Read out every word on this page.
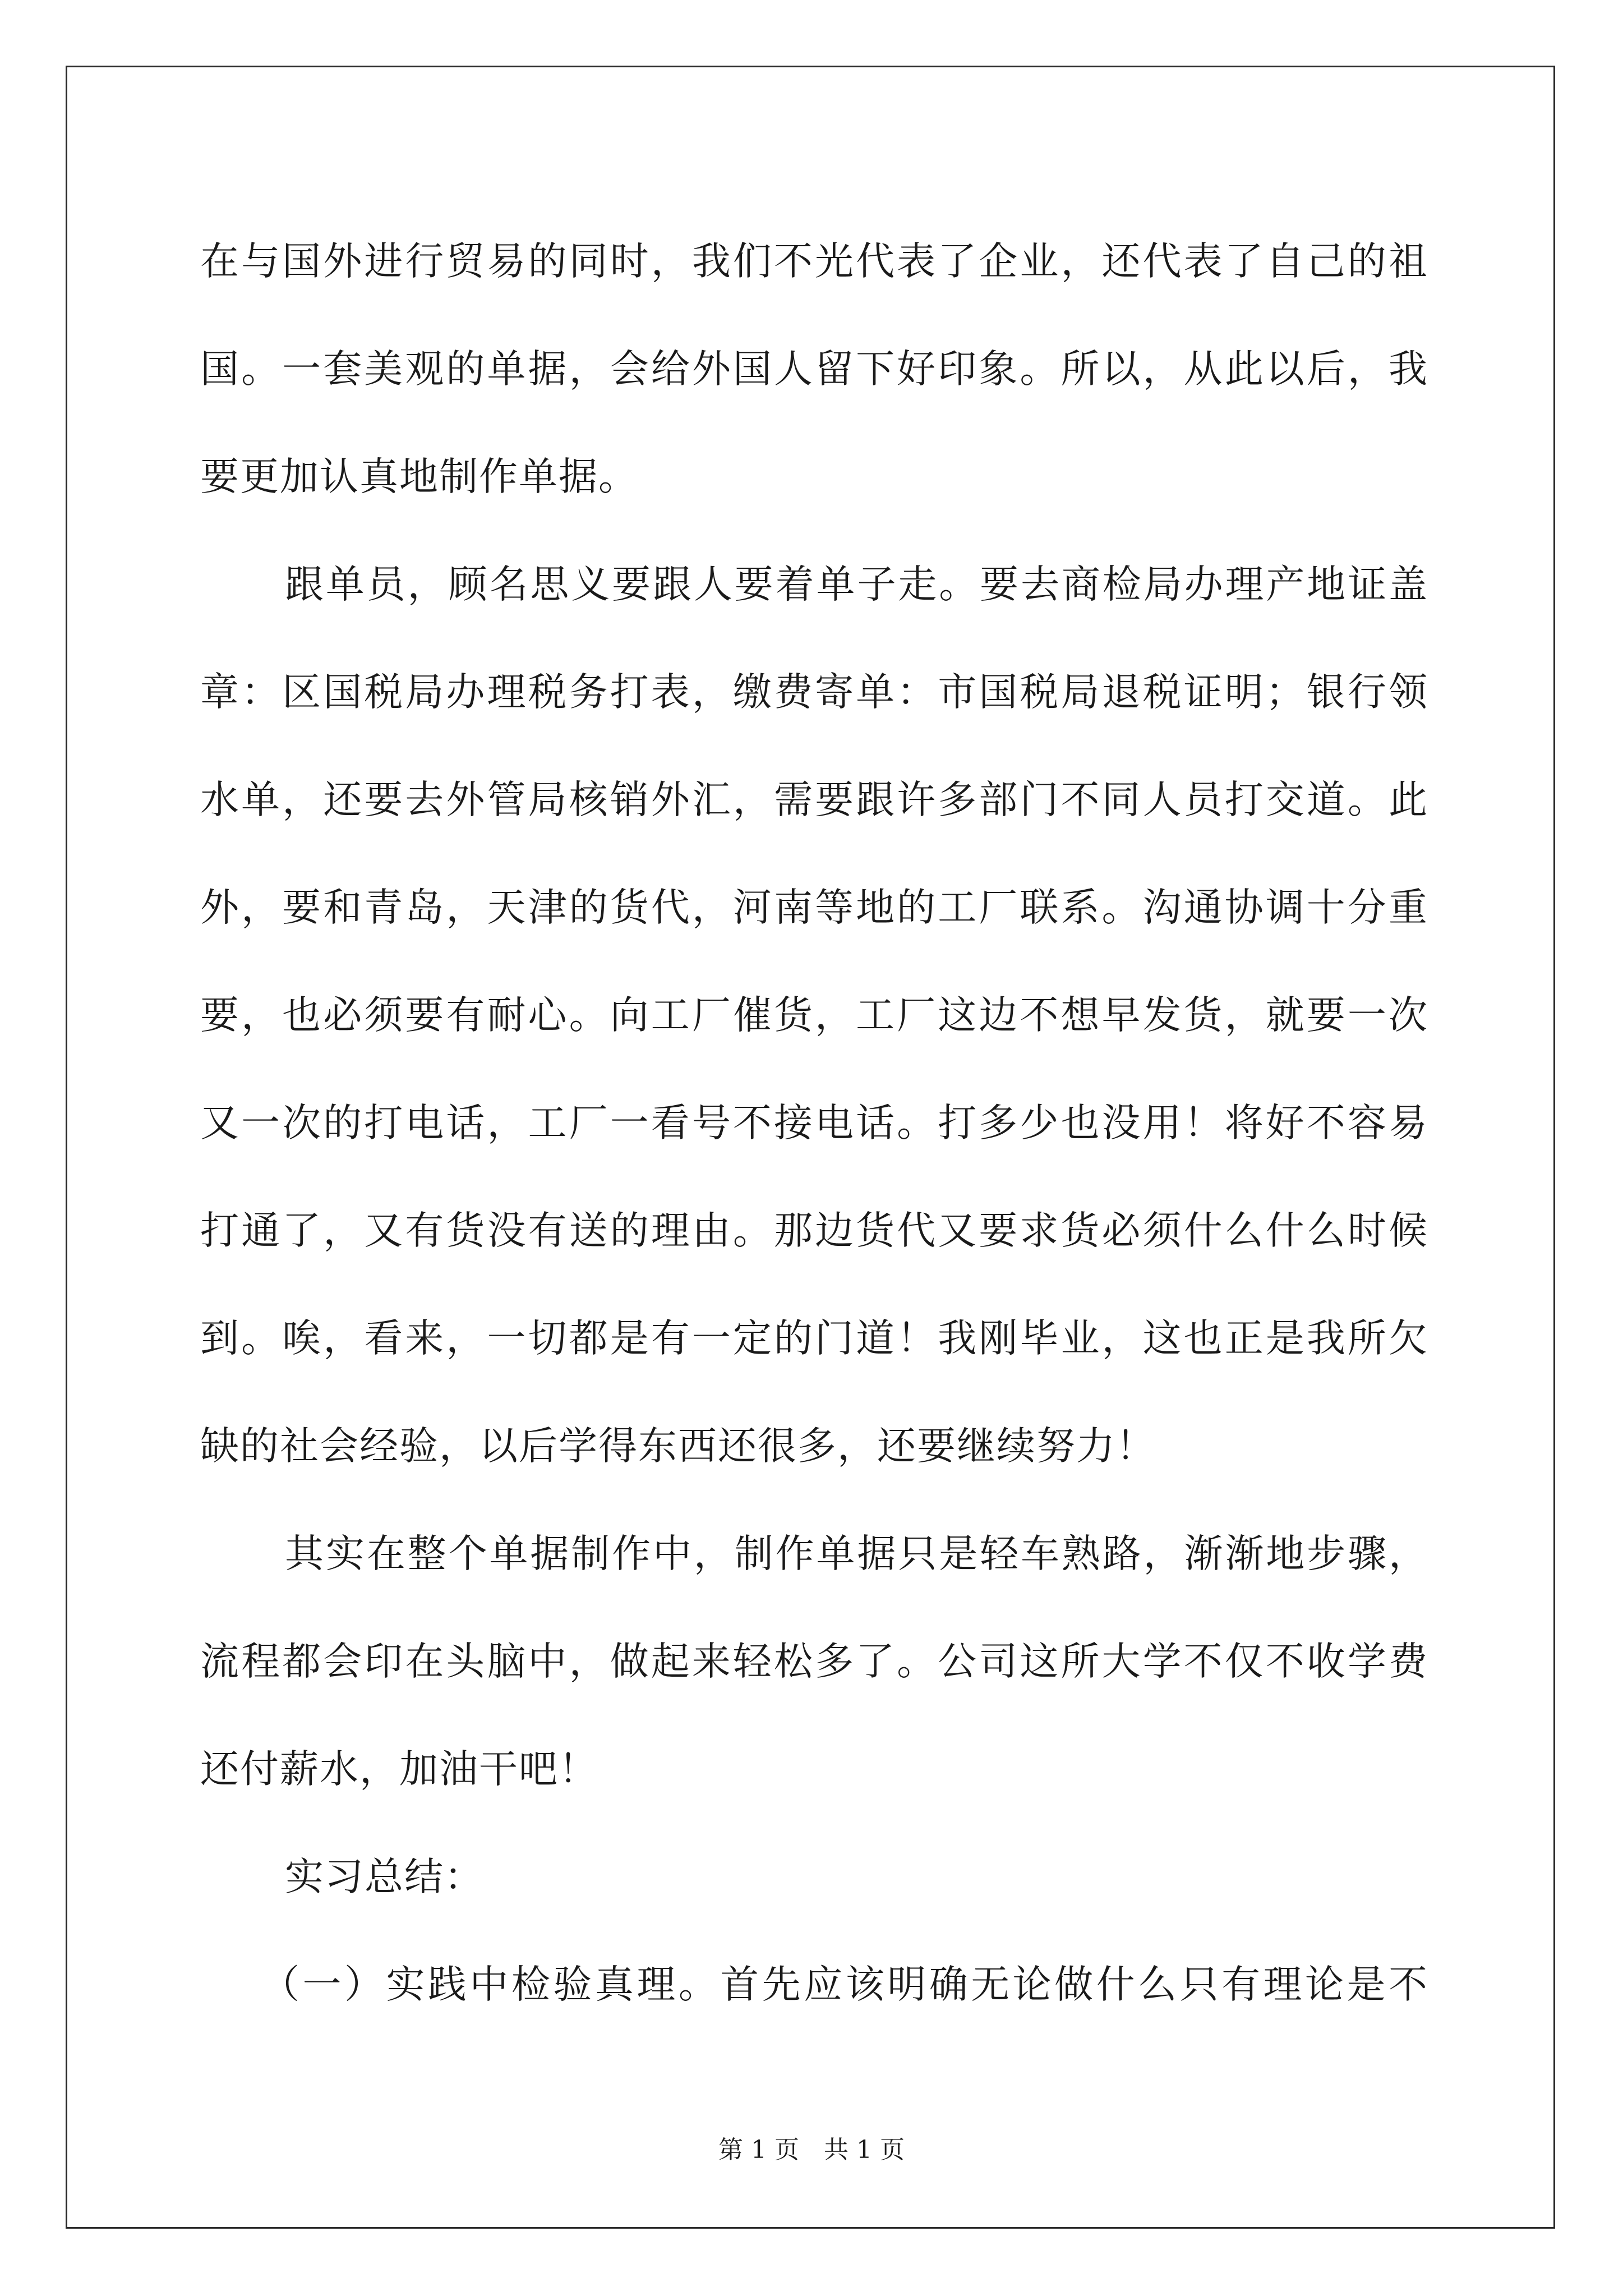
在与国外进行贸易的同时，我们不光代表了企业，还代表了自己的祖
国。一套美观的单据，会给外国人留下好印象。所以，从此以后，我
要更加认真地制作单据。
跟单员，顾名思义要跟人要着单子走。要去商检局办理产地证盖
章：区国税局办理税务打表，缴费寄单：市国税局退税证明；银行领
水单，还要去外管局核销外汇，需要跟许多部门不同人员打交道。此
外，要和青岛，天津的货代，河南等地的工厂联系。沟通协调十分重
要，也必须要有耐心。向工厂催货，工厂这边不想早发货，就要一次
又一次的打电话，工厂一看号不接电话。打多少也没用！将好不容易
打通了，又有货没有送的理由。那边货代又要求货必须什么什么时候
到。唉，看来，一切都是有一定的门道！我刚毕业，这也正是我所欠
缺的社会经验，以后学得东西还很多，还要继续努力！
其实在整个单据制作中，制作单据只是轻车熟路，渐渐地步骤，
流程都会印在头脑中，做起来轻松多了。公司这所大学不仅不收学费
还付薪水，加油干吧！
实习总结：
（一）实践中检验真理。首先应该明确无论做什么只有理论是不
第 1 页 共 1 页
